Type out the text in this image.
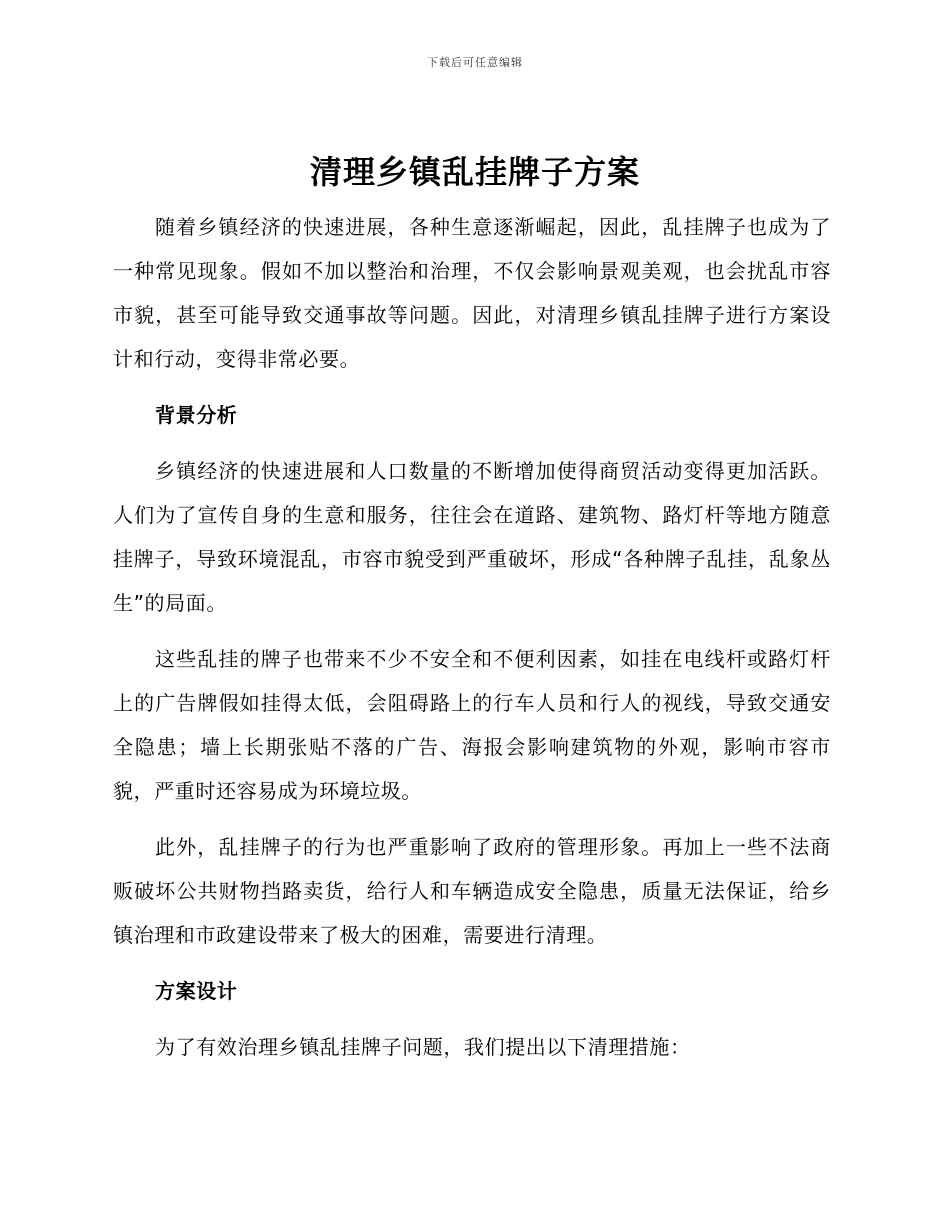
下载后可任意编辑
清理乡镇乱挂牌子方案

随着乡镇经济的快速进展，各种生意逐渐崛起，因此，乱挂牌子也成为了一种常见现象。假如不加以整治和治理，不仅会影响景观美观，也会扰乱市容市貌，甚至可能导致交通事故等问题。因此，对清理乡镇乱挂牌子进行方案设计和行动，变得非常必要。

背景分析

乡镇经济的快速进展和人口数量的不断增加使得商贸活动变得更加活跃。人们为了宣传自身的生意和服务，往往会在道路、建筑物、路灯杆等地方随意挂牌子，导致环境混乱，市容市貌受到严重破坏，形成“各种牌子乱挂，乱象丛生”的局面。

这些乱挂的牌子也带来不少不安全和不便利因素，如挂在电线杆或路灯杆上的广告牌假如挂得太低，会阻碍路上的行车人员和行人的视线，导致交通安全隐患；墙上长期张贴不落的广告、海报会影响建筑物的外观，影响市容市貌，严重时还容易成为环境垃圾。

此外，乱挂牌子的行为也严重影响了政府的管理形象。再加上一些不法商贩破坏公共财物挡路卖货，给行人和车辆造成安全隐患，质量无法保证，给乡镇治理和市政建设带来了极大的困难，需要进行清理。

方案设计

为了有效治理乡镇乱挂牌子问题，我们提出以下清理措施：
